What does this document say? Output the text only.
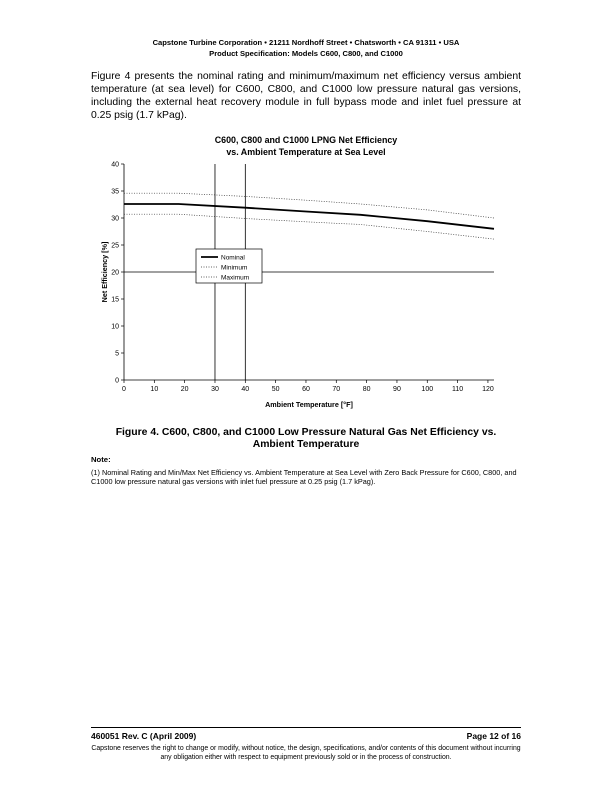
Capstone Turbine Corporation • 21211 Nordhoff Street • Chatsworth • CA 91311 • USA
Product Specification: Models C600, C800, and C1000
Figure 4 presents the nominal rating and minimum/maximum net efficiency versus ambient temperature (at sea level) for C600, C800, and C1000 low pressure natural gas versions, including the external heat recovery module in full bypass mode and inlet fuel pressure at 0.25 psig (1.7 kPag).
C600, C800 and C1000 LPNG Net Efficiency
vs. Ambient Temperature at Sea Level
0
5
10
15
20
25
30
35
40
0	10	20	30	40	50	60	70	80	90	100	110	120
Ambient Temperature [°F]
Net Efficiency [%]	Nominal
Minimum
Maximum
Figure 4. C600, C800, and C1000 Low Pressure Natural Gas Net Efficiency vs.
Ambient Temperature
Note:
(1) Nominal Rating and Min/Max Net Efficiency vs. Ambient Temperature at Sea Level with Zero Back Pressure for C600, C800, and C1000 low pressure natural gas versions with inlet fuel pressure at 0.25 psig (1.7 kPag).
460051 Rev. C (April 2009)	Page 12 of 16
Capstone reserves the right to change or modify, without notice, the design, specifications, and/or contents of this document without incurring any obligation either with respect to equipment previously sold or in the process of construction.
